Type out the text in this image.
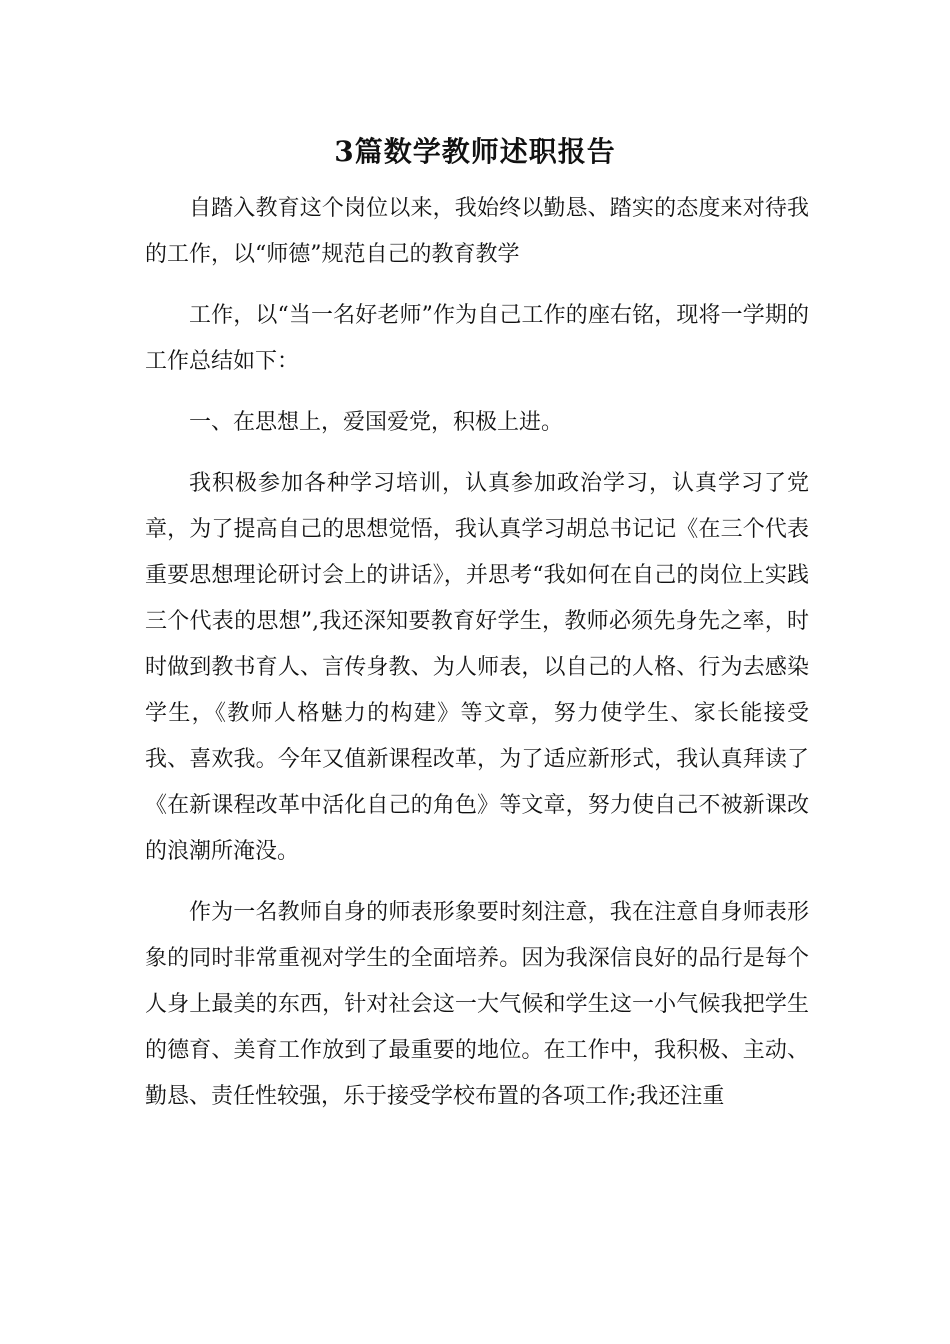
3篇数学教师述职报告

自踏入教育这个岗位以来，我始终以勤恳、踏实的态度来对待我的工作，以“师德”规范自己的教育教学

工作，以“当一名好老师”作为自己工作的座右铭，现将一学期的工作总结如下：

一、在思想上，爱国爱党，积极上进。

我积极参加各种学习培训，认真参加政治学习，认真学习了党章，为了提高自己的思想觉悟，我认真学习胡总书记记《在三个代表重要思想理论研讨会上的讲话》，并思考“我如何在自己的岗位上实践三个代表的思想”,我还深知要教育好学生，教师必须先身先之率，时时做到教书育人、言传身教、为人师表，以自己的人格、行为去感染学生，《教师人格魅力的构建》等文章，努力使学生、家长能接受我、喜欢我。今年又值新课程改革，为了适应新形式，我认真拜读了《在新课程改革中活化自己的角色》等文章，努力使自己不被新课改的浪潮所淹没。

作为一名教师自身的师表形象要时刻注意，我在注意自身师表形象的同时非常重视对学生的全面培养。因为我深信良好的品行是每个人身上最美的东西，针对社会这一大气候和学生这一小气候我把学生的德育、美育工作放到了最重要的地位。在工作中，我积极、主动、勤恳、责任性较强，乐于接受学校布置的各项工作;我还注重
